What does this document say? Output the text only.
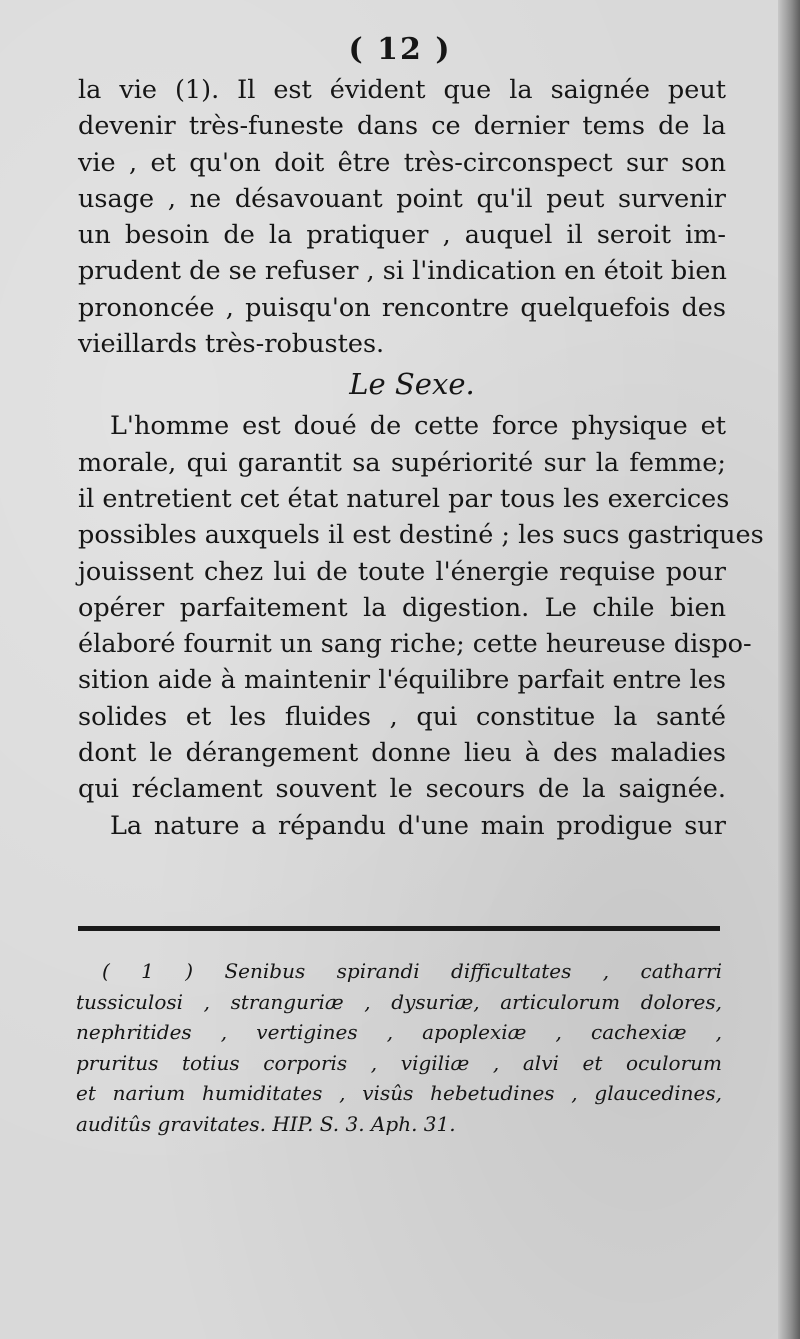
( 12 )
la vie (1). Il est évident que la saignée peut
devenir très-funeste dans ce dernier tems de la
vie , et qu'on doit être très-circonspect sur son
usage , ne désavouant point qu'il peut survenir
un besoin de la pratiquer , auquel il seroit im-
prudent de se refuser , si l'indication en étoit bien
prononcée , puisqu'on rencontre quelquefois des
vieillards très-robustes.
Le Sexe.
L'homme est doué de cette force physique et
morale, qui garantit sa supériorité sur la femme;
il entretient cet état naturel par tous les exercices
possibles auxquels il est destiné ; les sucs gastriques
jouissent chez lui de toute l'énergie requise pour
opérer parfaitement la digestion. Le chile bien
élaboré fournit un sang riche; cette heureuse dispo-
sition aide à maintenir l'équilibre parfait entre les
solides et les fluides , qui constitue la santé
dont le dérangement donne lieu à des maladies
qui réclament souvent le secours de la saignée.
La nature a répandu d'une main prodigue sur
( 1 ) Senibus spirandi difficultates , catharri
tussiculosi , stranguriæ , dysuriæ, articulorum dolores,
nephritides , vertigines , apoplexiæ , cachexiæ ,
pruritus totius corporis , vigiliæ , alvi et oculorum
et narium humiditates , visûs hebetudines , glaucedines,
auditûs gravitates. HIP. S. 3. Aph. 31.
